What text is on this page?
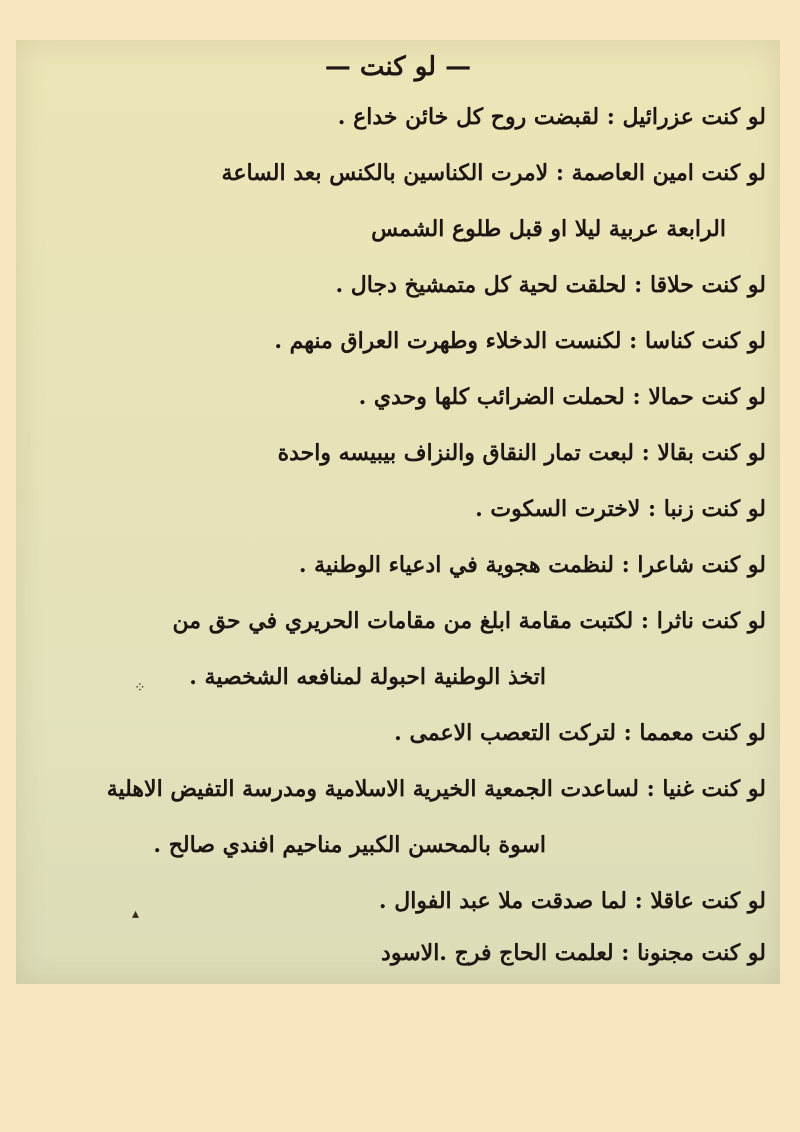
— لو كنت —
لو كنت عزرائيل : لقبضت روح كل خائن خداع .
لو كنت امين العاصمة : لامرت الكناسين بالكنس بعد الساعة
الرابعة عربية ليلا او قبل طلوع الشمس
لو كنت حلاقا : لحلقت لحية كل متمشيخ دجال .
لو كنت كناسا : لكنست الدخلاء وطهرت العراق منهم .
لو كنت حمالا : لحملت الضرائب كلها وحدي .
لو كنت بقالا : لبعت تمار النقاق والنزاف بيبيسه واحدة
لو كنت زنبا : لاخترت السكوت .
لو كنت شاعرا : لنظمت هجوية في ادعياء الوطنية .
لو كنت ناثرا : لكتبت مقامة ابلغ من مقامات الحريري في حق من
اتخذ الوطنية احبولة لمنافعه الشخصية .
لو كنت معمما : لتركت التعصب الاعمى .
لو كنت غنيا : لساعدت الجمعية الخيرية الاسلامية ومدرسة التفيض الاهلية
اسوة بالمحسن الكبير مناحيم افندي صالح .
لو كنت عاقلا : لما صدقت ملا عبد الفوال .
لو كنت مجنونا : لعلمت الحاج فرج .الاسود
⁘
▴
